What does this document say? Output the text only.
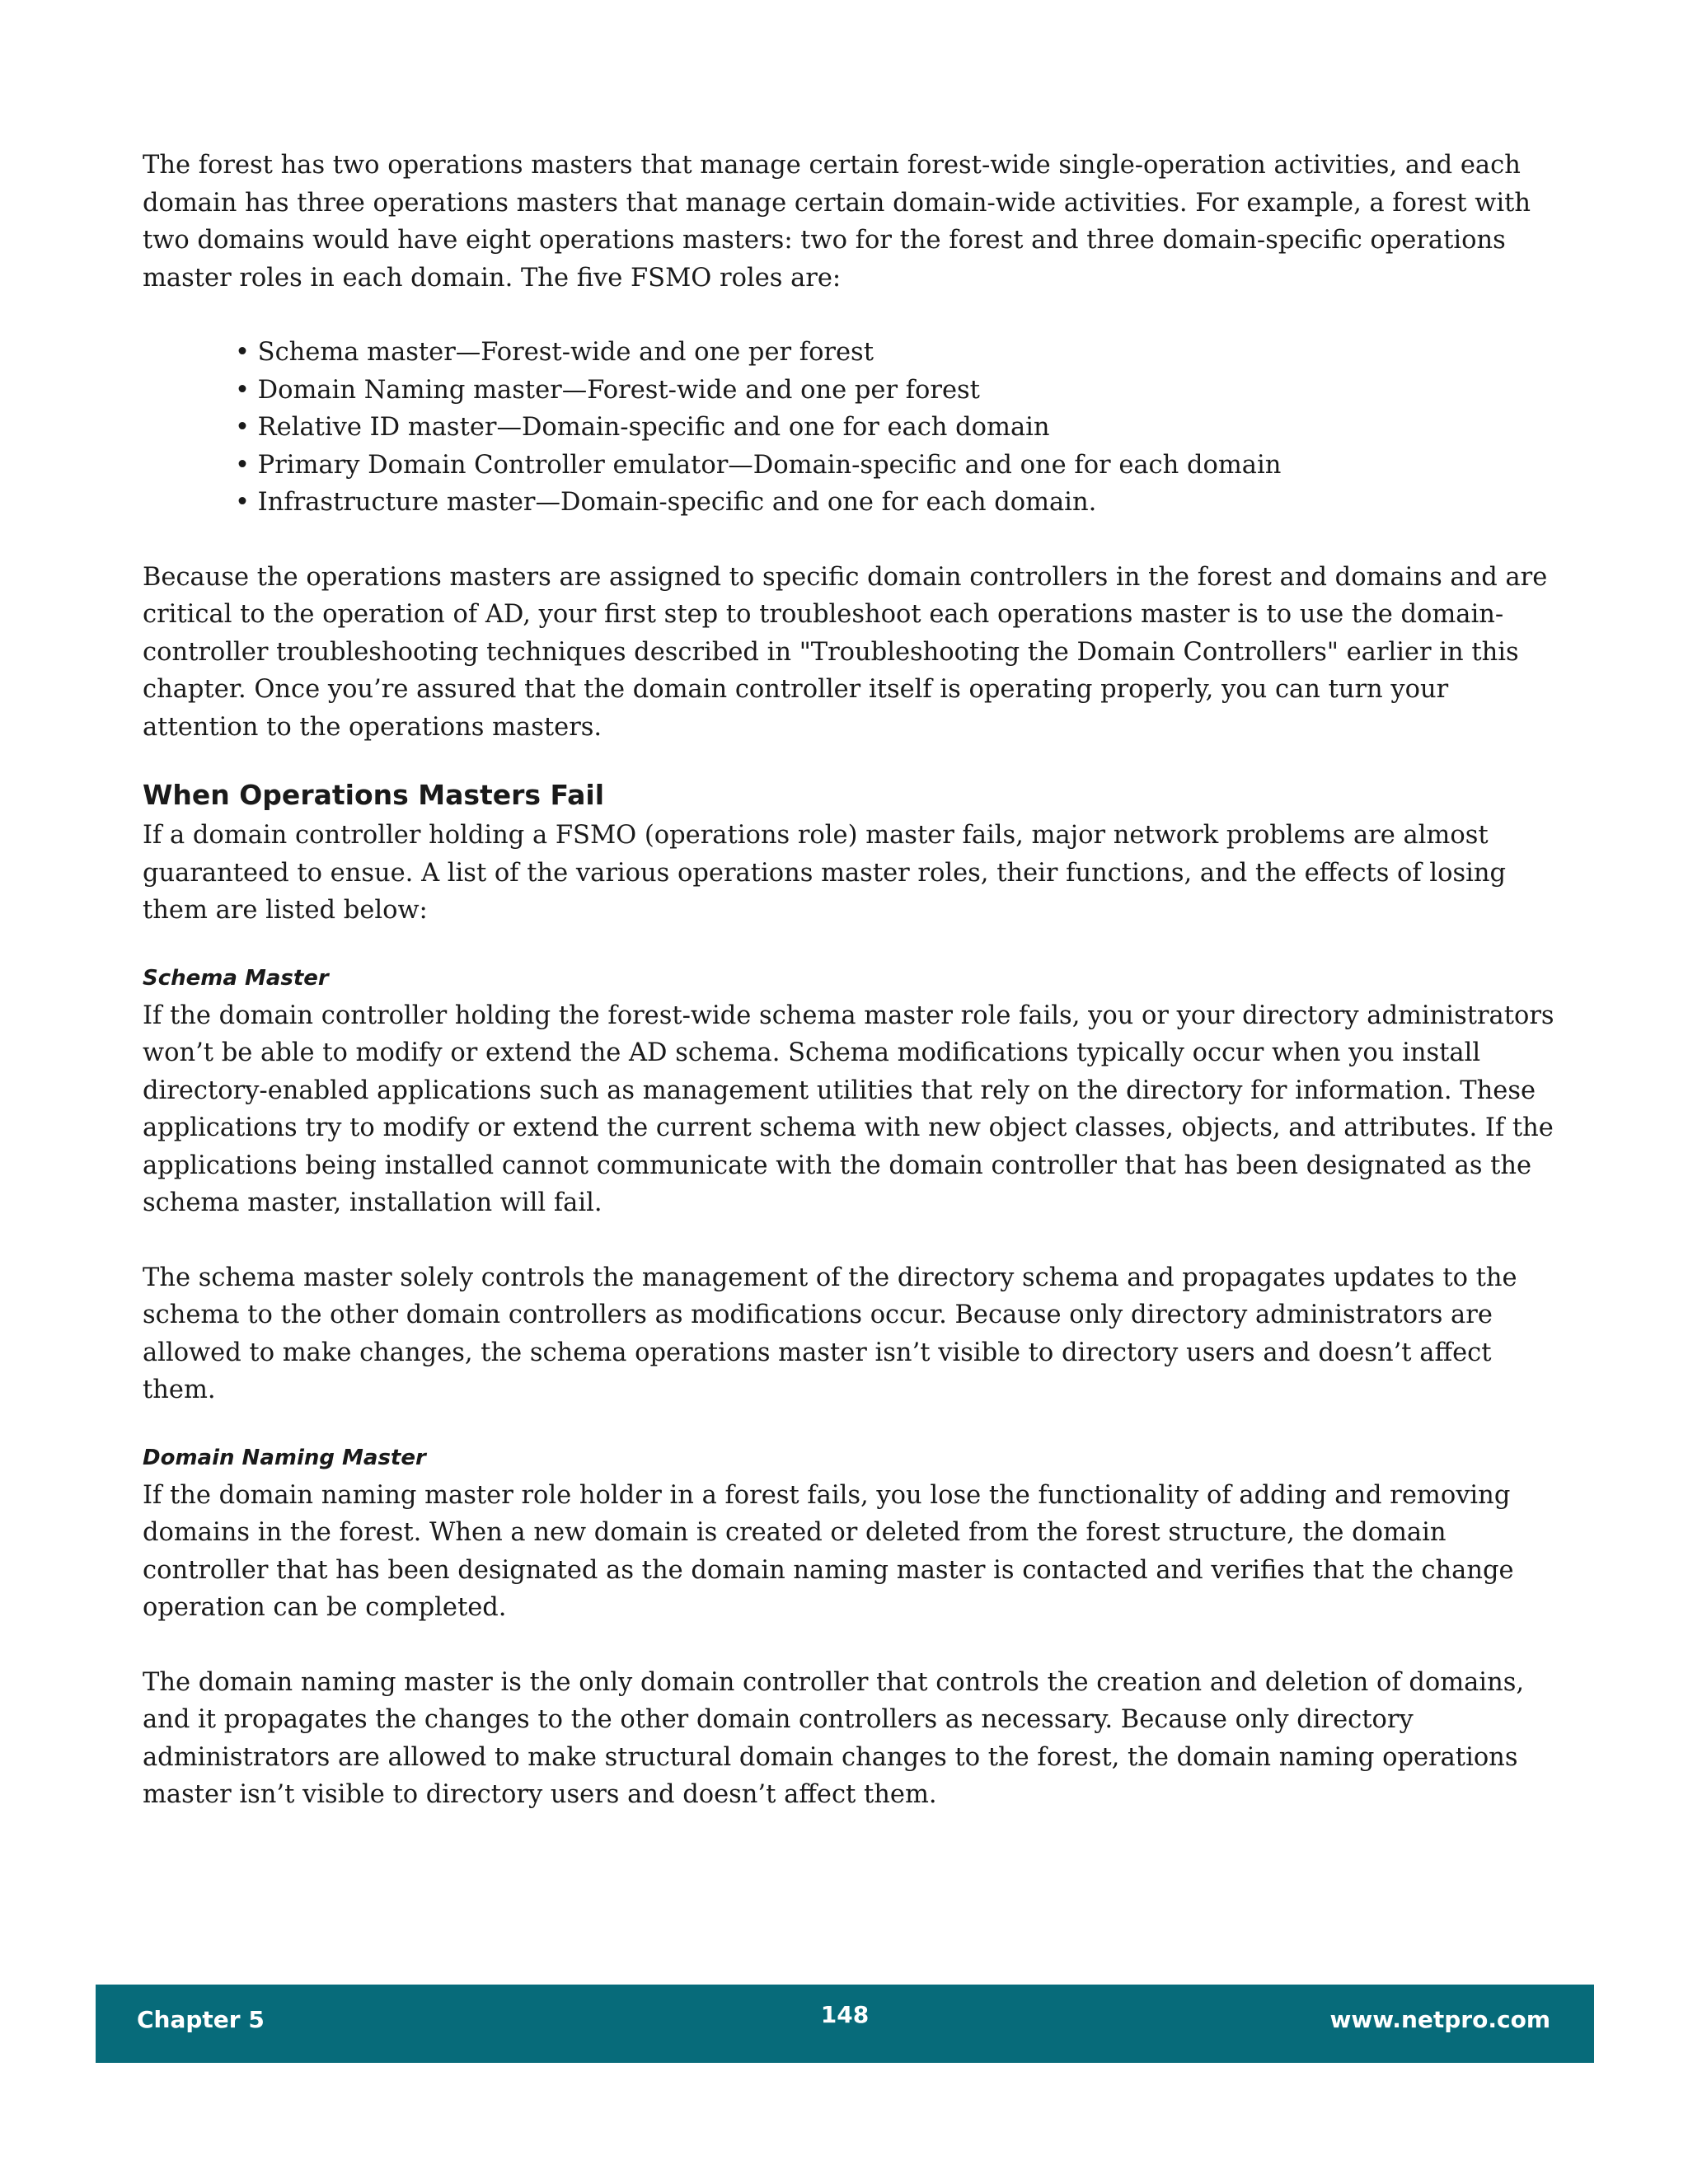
The forest has two operations masters that manage certain forest-wide single-operation activities, and each domain has three operations masters that manage certain domain-wide activities. For example, a forest with two domains would have eight operations masters: two for the forest and three domain-specific operations master roles in each domain. The five FSMO roles are:

• Schema master—Forest-wide and one per forest
• Domain Naming master—Forest-wide and one per forest
• Relative ID master—Domain-specific and one for each domain
• Primary Domain Controller emulator—Domain-specific and one for each domain
• Infrastructure master—Domain-specific and one for each domain.

Because the operations masters are assigned to specific domain controllers in the forest and domains and are critical to the operation of AD, your first step to troubleshoot each operations master is to use the domain-controller troubleshooting techniques described in "Troubleshooting the Domain Controllers" earlier in this chapter. Once you’re assured that the domain controller itself is operating properly, you can turn your attention to the operations masters.

When Operations Masters Fail

If a domain controller holding a FSMO (operations role) master fails, major network problems are almost guaranteed to ensue. A list of the various operations master roles, their functions, and the effects of losing them are listed below:

Schema Master

If the domain controller holding the forest-wide schema master role fails, you or your directory administrators won’t be able to modify or extend the AD schema. Schema modifications typically occur when you install directory-enabled applications such as management utilities that rely on the directory for information. These applications try to modify or extend the current schema with new object classes, objects, and attributes. If the applications being installed cannot communicate with the domain controller that has been designated as the schema master, installation will fail.

The schema master solely controls the management of the directory schema and propagates updates to the schema to the other domain controllers as modifications occur. Because only directory administrators are allowed to make changes, the schema operations master isn’t visible to directory users and doesn’t affect them.

Domain Naming Master

If the domain naming master role holder in a forest fails, you lose the functionality of adding and removing domains in the forest. When a new domain is created or deleted from the forest structure, the domain controller that has been designated as the domain naming master is contacted and verifies that the change operation can be completed.

The domain naming master is the only domain controller that controls the creation and deletion of domains, and it propagates the changes to the other domain controllers as necessary. Because only directory administrators are allowed to make structural domain changes to the forest, the domain naming operations master isn’t visible to directory users and doesn’t affect them.

Chapter 5	148	www.netpro.com
